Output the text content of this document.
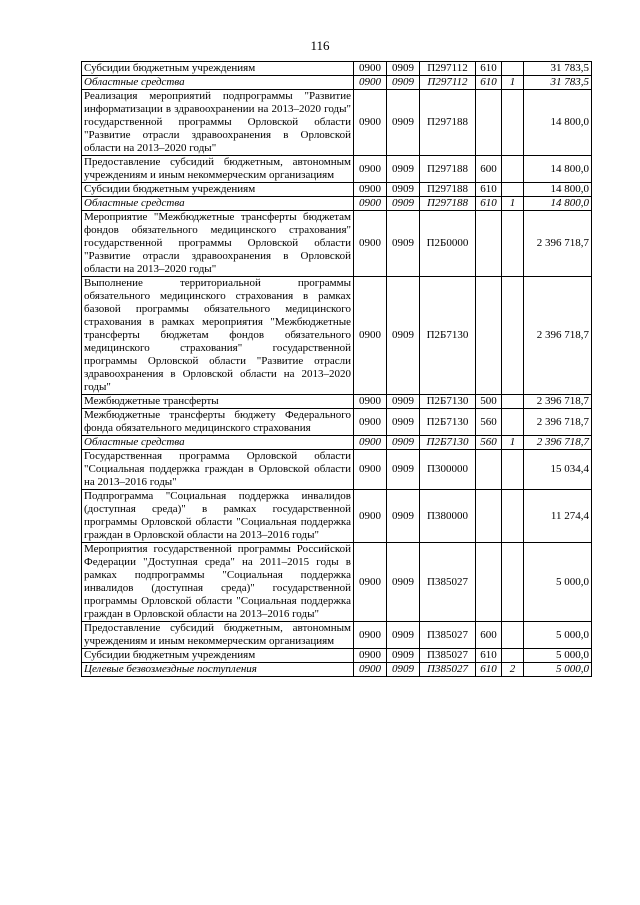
116
Субсидии бюджетным учреждениям	0900	0909	П297112	610		31 783,5
Областные средства	0900	0909	П297112	610	1	31 783,5
Реализация мероприятий подпрограммы "Развитие информатизации в здравоохранении на 2013–2020 годы" государственной программы Орловской области "Развитие отрасли здравоохранения в Орловской области на 2013–2020 годы"	0900	0909	П297188			14 800,0
Предоставление субсидий бюджетным, автономным учреждениям и иным некоммерческим организациям	0900	0909	П297188	600		14 800,0
Субсидии бюджетным учреждениям	0900	0909	П297188	610		14 800,0
Областные средства	0900	0909	П297188	610	1	14 800,0
Мероприятие "Межбюджетные трансферты бюджетам фондов обязательного медицинского страхования" государственной программы Орловской области "Развитие отрасли здравоохранения в Орловской области на 2013–2020 годы"	0900	0909	П2Б0000			2 396 718,7
Выполнение территориальной программы обязательного медицинского страхования в рамках базовой программы обязательного медицинского страхования в рамках мероприятия "Межбюджетные трансферты бюджетам фондов обязательного медицинского страхования" государственной программы Орловской области "Развитие отрасли здравоохранения в Орловской области на 2013–2020 годы"	0900	0909	П2Б7130			2 396 718,7
Межбюджетные трансферты	0900	0909	П2Б7130	500		2 396 718,7
Межбюджетные трансферты бюджету Федерального фонда обязательного медицинского страхования	0900	0909	П2Б7130	560		2 396 718,7
Областные средства	0900	0909	П2Б7130	560	1	2 396 718,7
Государственная программа Орловской области "Социальная поддержка граждан в Орловской области на 2013–2016 годы"	0900	0909	П300000			15 034,4
Подпрограмма "Социальная поддержка инвалидов (доступная среда)" в рамках государственной программы Орловской области "Социальная поддержка граждан в Орловской области на 2013–2016 годы"	0900	0909	П380000			11 274,4
Мероприятия государственной программы Российской Федерации "Доступная среда" на 2011–2015 годы в рамках подпрограммы "Социальная поддержка инвалидов (доступная среда)" государственной программы Орловской области "Социальная поддержка граждан в Орловской области на 2013–2016 годы"	0900	0909	П385027			5 000,0
Предоставление субсидий бюджетным, автономным учреждениям и иным некоммерческим организациям	0900	0909	П385027	600		5 000,0
Субсидии бюджетным учреждениям	0900	0909	П385027	610		5 000,0
Целевые безвозмездные поступления	0900	0909	П385027	610	2	5 000,0
